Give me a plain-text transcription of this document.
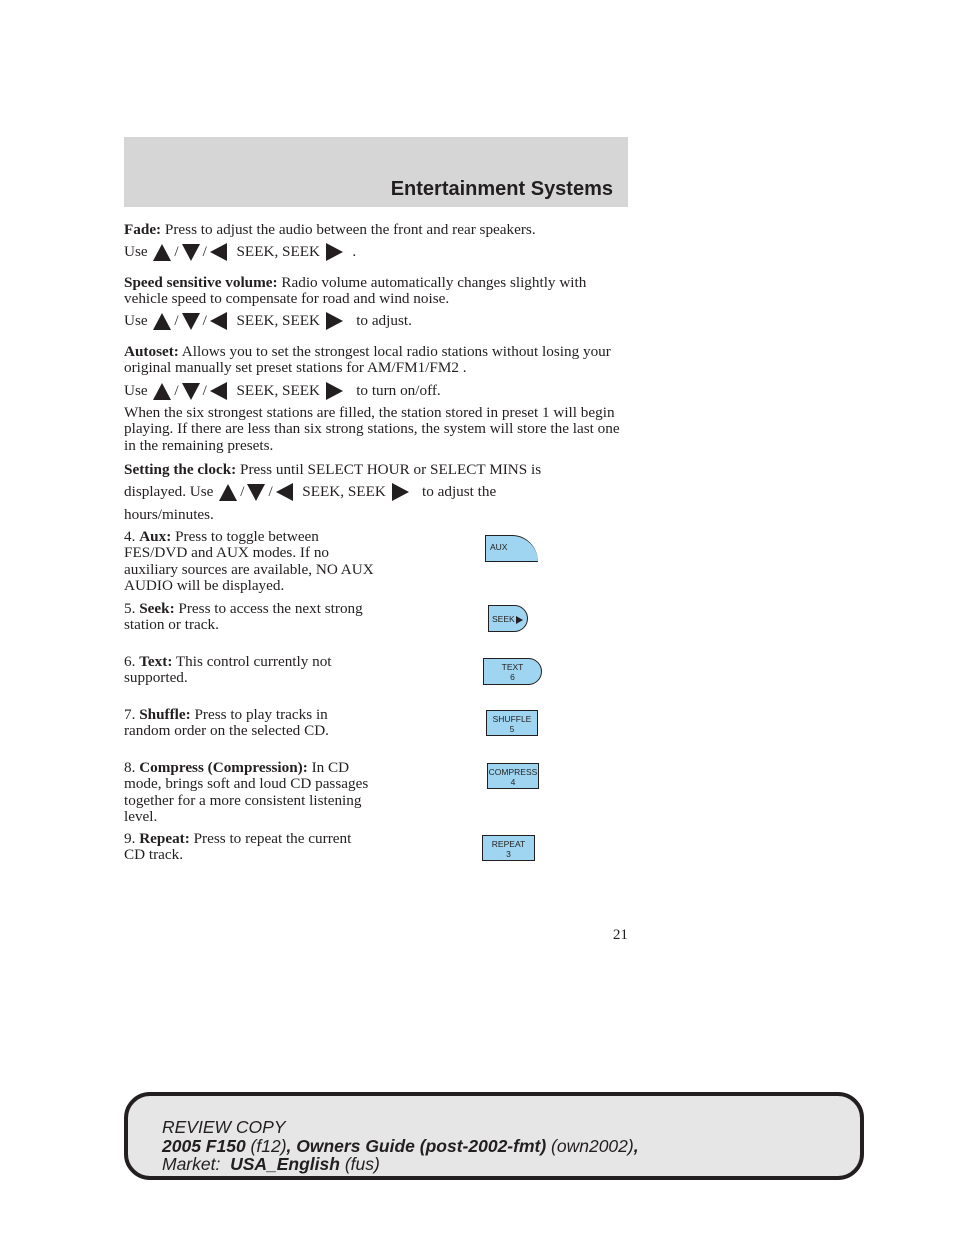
Entertainment Systems

Fade: Press to adjust the audio between the front and rear speakers.

Use
/ /
SEEK, SEEK

.

Speed sensitive volume: Radio volume automatically changes slightly with vehicle speed to compensate for road and wind noise.

Use
/ /
SEEK, SEEK

to adjust.

Autoset: Allows you to set the strongest local radio stations without losing your original manually set preset stations for AM/FM1/FM2 .

Use
/ /
SEEK, SEEK

to turn on/off.

When the six strongest stations are filled, the station stored in preset 1 will begin playing. If there are less than six strong stations, the system will store the last one in the remaining presets.

Setting the clock: Press until SELECT HOUR or SELECT MINS is

displayed. Use
/ /
SEEK, SEEK

to adjust the

hours/minutes.

4. Aux: Press to toggle between FES/DVD and AUX modes. If no auxiliary sources are available, NO AUX AUDIO will be displayed.

5. Seek: Press to access the next strong station or track.

6. Text: This control currently not supported.

7. Shuffle: Press to play tracks in random order on the selected CD.

8. Compress (Compression): In CD mode, brings soft and loud CD passages together for a more consistent listening level.

9. Repeat: Press to repeat the current CD track.

AUX
SEEK
TEXT
6
SHUFFLE
5
COMPRESS
4
REPEAT
3

21

REVIEW COPY
2005 F150 (f12), Owners Guide (post-2002-fmt) (own2002),
Market:  USA_English (fus)
